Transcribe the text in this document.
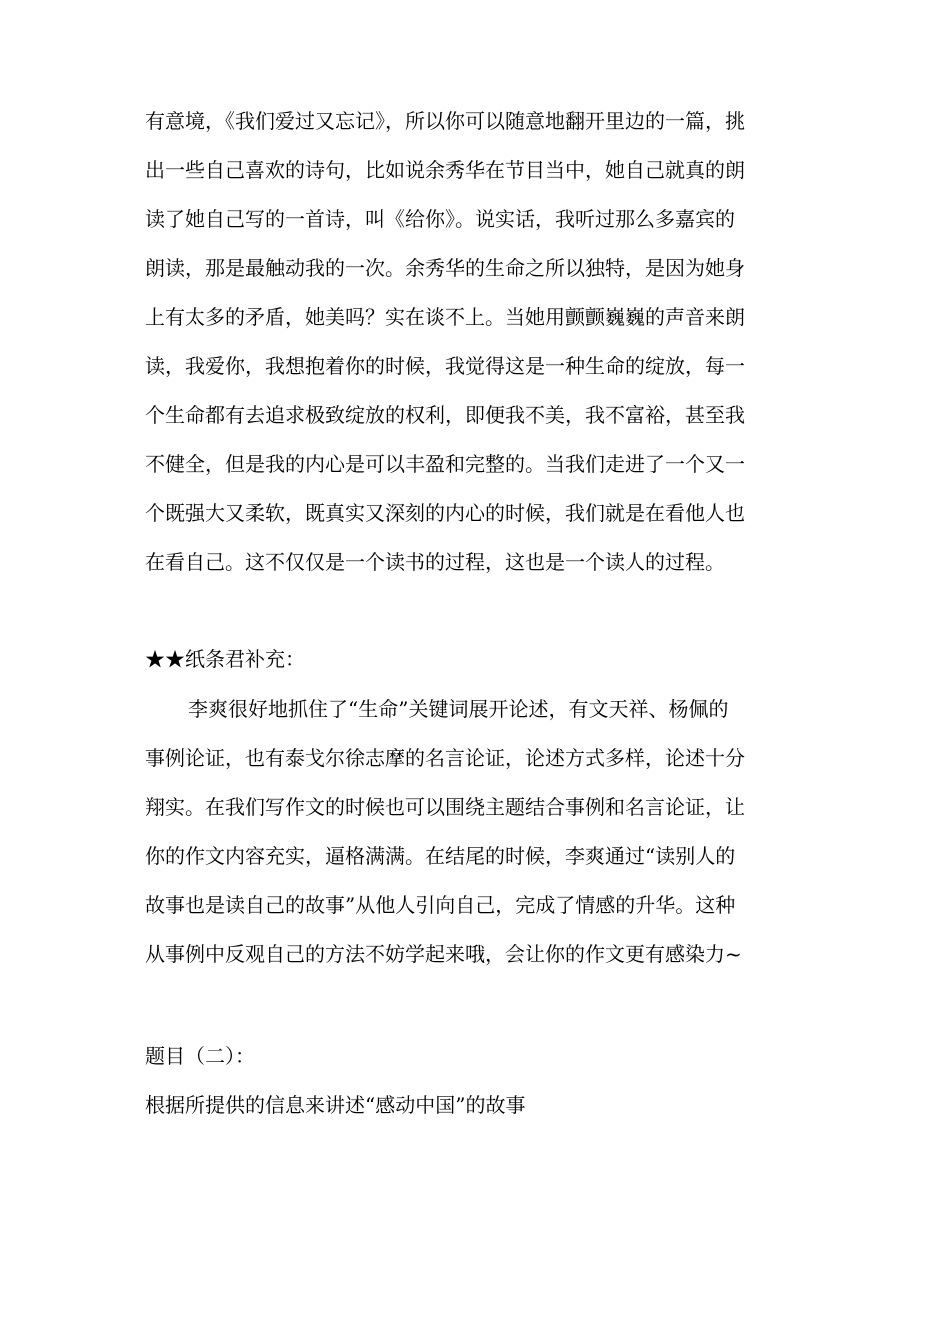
有意境，《我们爱过又忘记》，所以你可以随意地翻开里边的一篇，挑

出一些自己喜欢的诗句，比如说余秀华在节目当中，她自己就真的朗

读了她自己写的一首诗，叫《给你》。说实话，我听过那么多嘉宾的

朗读，那是最触动我的一次。余秀华的生命之所以独特，是因为她身

上有太多的矛盾，她美吗？实在谈不上。当她用颤颤巍巍的声音来朗

读，我爱你，我想抱着你的时候，我觉得这是一种生命的绽放，每一

个生命都有去追求极致绽放的权利，即便我不美，我不富裕，甚至我

不健全，但是我的内心是可以丰盈和完整的。当我们走进了一个又一

个既强大又柔软，既真实又深刻的内心的时候，我们就是在看他人也

在看自己。这不仅仅是一个读书的过程，这也是一个读人的过程。

★★纸条君补充：

李爽很好地抓住了“生命”关键词展开论述，有文天祥、杨佩的

事例论证，也有泰戈尔徐志摩的名言论证，论述方式多样，论述十分

翔实。在我们写作文的时候也可以围绕主题结合事例和名言论证，让

你的作文内容充实，逼格满满。在结尾的时候，李爽通过“读别人的

故事也是读自己的故事”从他人引向自己，完成了情感的升华。这种

从事例中反观自己的方法不妨学起来哦，会让你的作文更有感染力~

题目（二）：

根据所提供的信息来讲述“感动中国”的故事
